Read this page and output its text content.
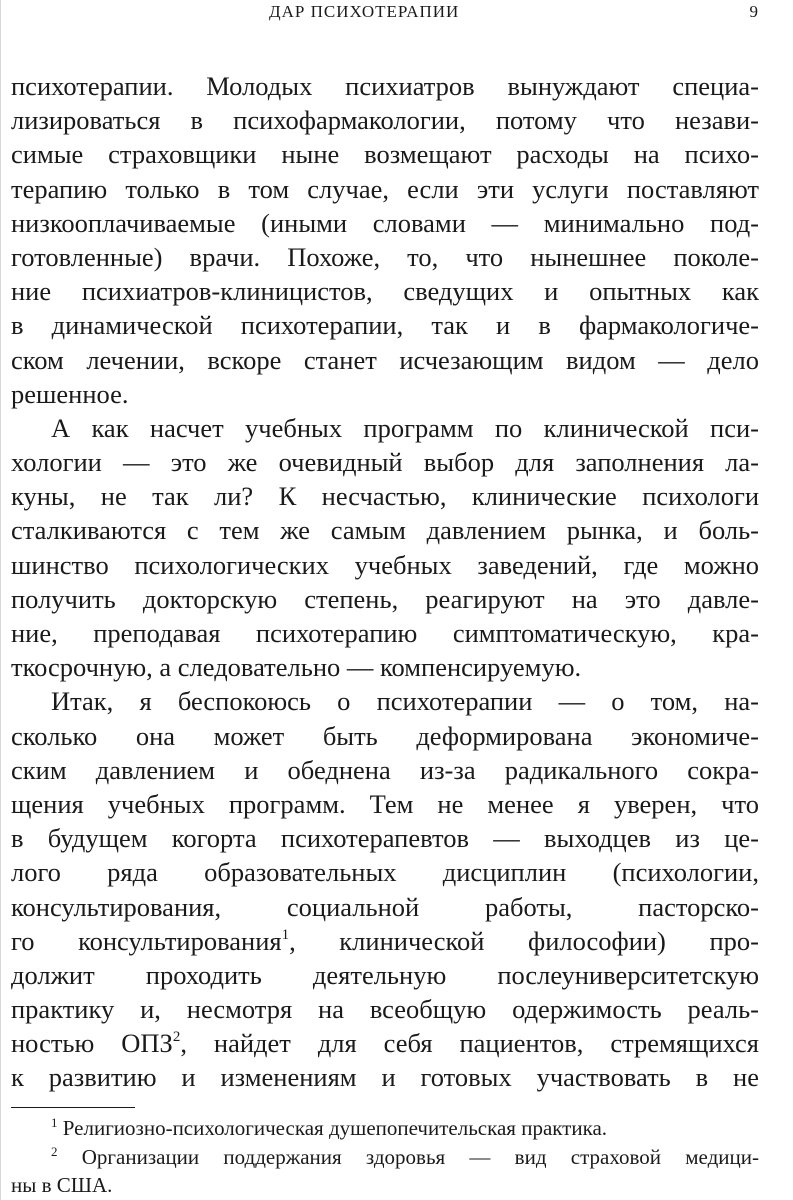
ДАР ПСИХОТЕРАПИИ	9
психотерапии. Молодых психиатров вынуждают специа-
лизироваться в психофармакологии, потому что незави-
симые страховщики ныне возмещают расходы на психо-
терапию только в том случае, если эти услуги поставляют
низкооплачиваемые (иными словами — минимально под-
готовленные) врачи. Похоже, то, что нынешнее поколе-
ние психиатров-клиницистов, сведущих и опытных как
в динамической психотерапии, так и в фармакологиче-
ском лечении, вскоре станет исчезающим видом — дело
решенное.
А как насчет учебных программ по клинической пси-
хологии — это же очевидный выбор для заполнения ла-
куны, не так ли? К несчастью, клинические психологи
сталкиваются с тем же самым давлением рынка, и боль-
шинство психологических учебных заведений, где можно
получить докторскую степень, реагируют на это давле-
ние, преподавая психотерапию симптоматическую, кра-
ткосрочную, а следовательно — компенсируемую.
Итак, я беспокоюсь о психотерапии — о том, на-
сколько она может быть деформирована экономиче-
ским давлением и обеднена из-за радикального сокра-
щения учебных программ. Тем не менее я уверен, что
в будущем когорта психотерапевтов — выходцев из це-
лого ряда образовательных дисциплин (психологии,
консультирования, социальной работы, пасторско-
го консультирования$^1$, клинической философии) про-
должит проходить деятельную послеуниверситетскую
практику и, несмотря на всеобщую одержимость реаль-
ностью ОПЗ$^2$, найдет для себя пациентов, стремящихся
к развитию и изменениям и готовых участвовать в не
$^1$ Религиозно-психологическая душепопечительская практика.
$^2$ Организации поддержания здоровья — вид страховой медици-
ны в США.
